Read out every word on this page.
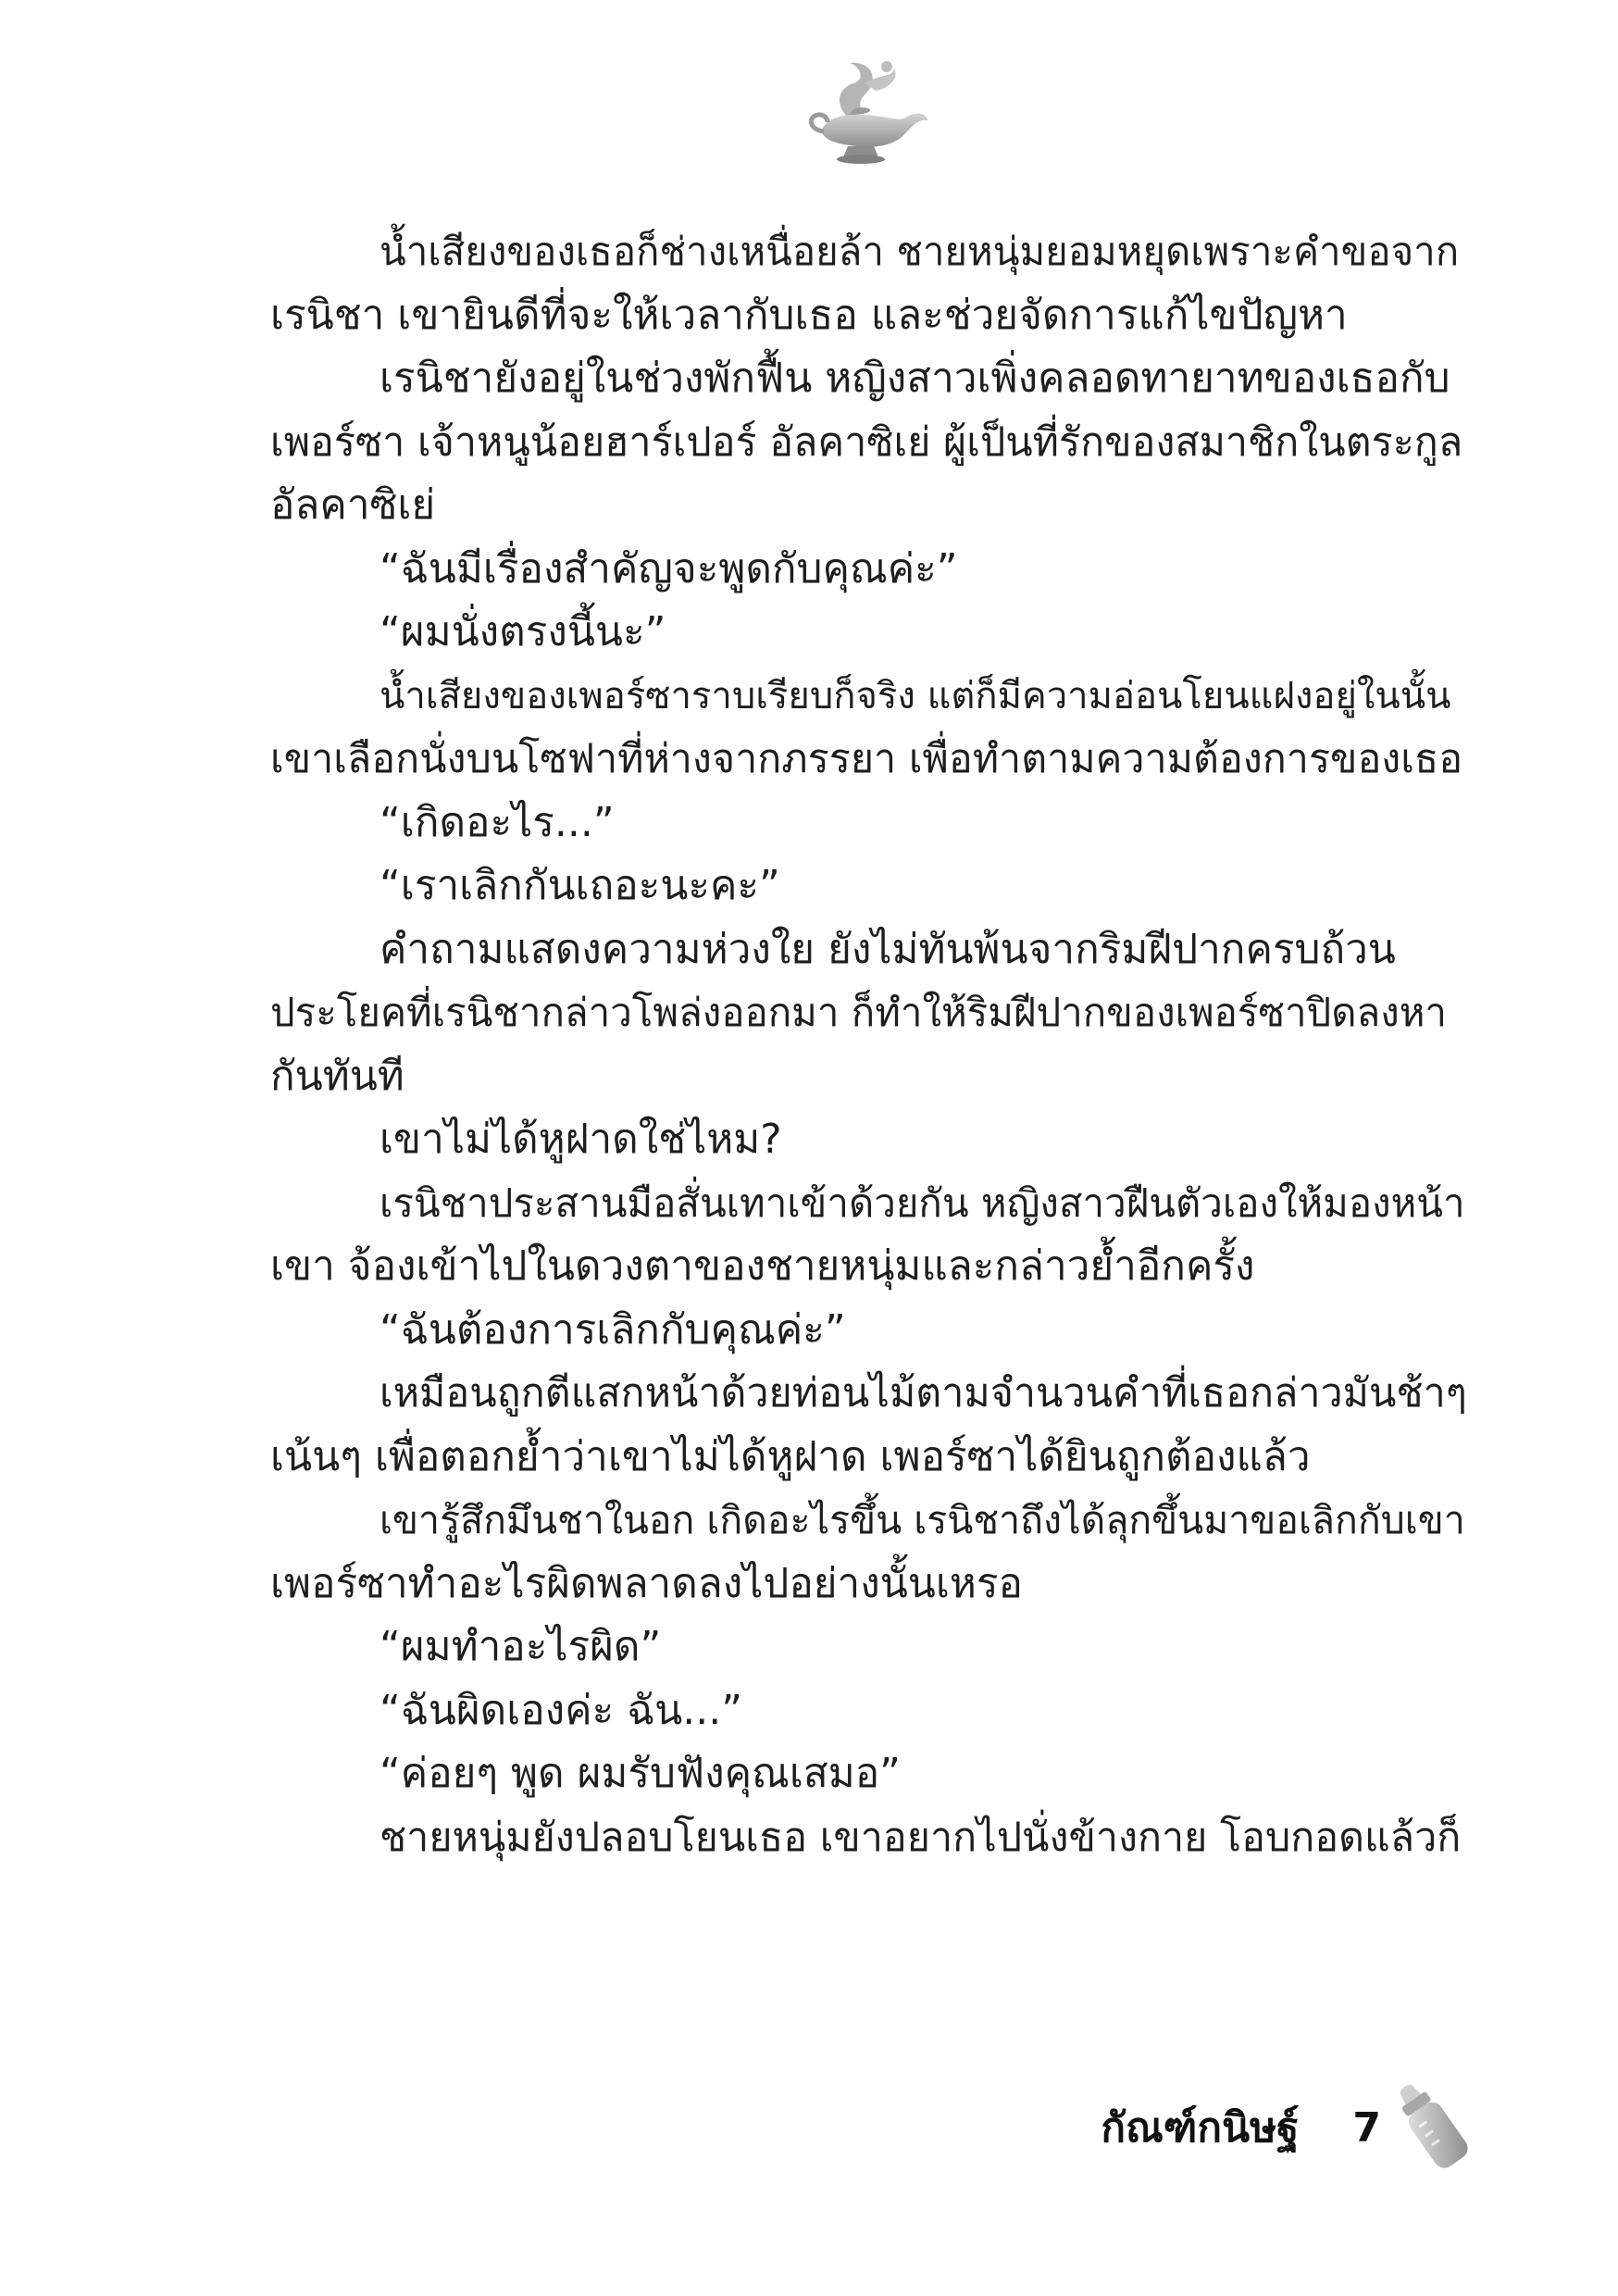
น้ำเสียงของเธอก็ช่างเหนื่อยล้า ชายหนุ่มยอมหยุดเพราะคำขอจาก

เรนิชา เขายินดีที่จะให้เวลากับเธอ และช่วยจัดการแก้ไขปัญหา

เรนิชายังอยู่ในช่วงพักฟื้น หญิงสาวเพิ่งคลอดทายาทของเธอกับ

เพอร์ซา เจ้าหนูน้อยฮาร์เปอร์ อัลคาซิเย่ ผู้เป็นที่รักของสมาชิกในตระกูล

อัลคาซิเย่

“ฉันมีเรื่องสำคัญจะพูดกับคุณค่ะ”

“ผมนั่งตรงนี้นะ”

น้ำเสียงของเพอร์ซาราบเรียบก็จริง แต่ก็มีความอ่อนโยนแฝงอยู่ในนั้น

เขาเลือกนั่งบนโซฟาที่ห่างจากภรรยา เพื่อทำตามความต้องการของเธอ

“เกิดอะไร...”

“เราเลิกกันเถอะนะคะ”

คำถามแสดงความห่วงใย ยังไม่ทันพ้นจากริมฝีปากครบถ้วน

ประโยคที่เรนิชากล่าวโพล่งออกมา ก็ทำให้ริมฝีปากของเพอร์ซาปิดลงหา

กันทันที

เขาไม่ได้หูฝาดใช่ไหม?

เรนิชาประสานมือสั่นเทาเข้าด้วยกัน หญิงสาวฝืนตัวเองให้มองหน้า

เขา จ้องเข้าไปในดวงตาของชายหนุ่มและกล่าวย้ำอีกครั้ง

“ฉันต้องการเลิกกับคุณค่ะ”

เหมือนถูกตีแสกหน้าด้วยท่อนไม้ตามจำนวนคำที่เธอกล่าวมันช้าๆ

เน้นๆ เพื่อตอกย้ำว่าเขาไม่ได้หูฝาด เพอร์ซาได้ยินถูกต้องแล้ว

เขารู้สึกมึนชาในอก เกิดอะไรขึ้น เรนิชาถึงได้ลุกขึ้นมาขอเลิกกับเขา

เพอร์ซาทำอะไรผิดพลาดลงไปอย่างนั้นเหรอ

“ผมทำอะไรผิด”

“ฉันผิดเองค่ะ ฉัน...”

“ค่อยๆ พูด ผมรับฟังคุณเสมอ”

ชายหนุ่มยังปลอบโยนเธอ เขาอยากไปนั่งข้างกาย โอบกอดแล้วก็

กัณฑ์กนิษฐ์ 7
